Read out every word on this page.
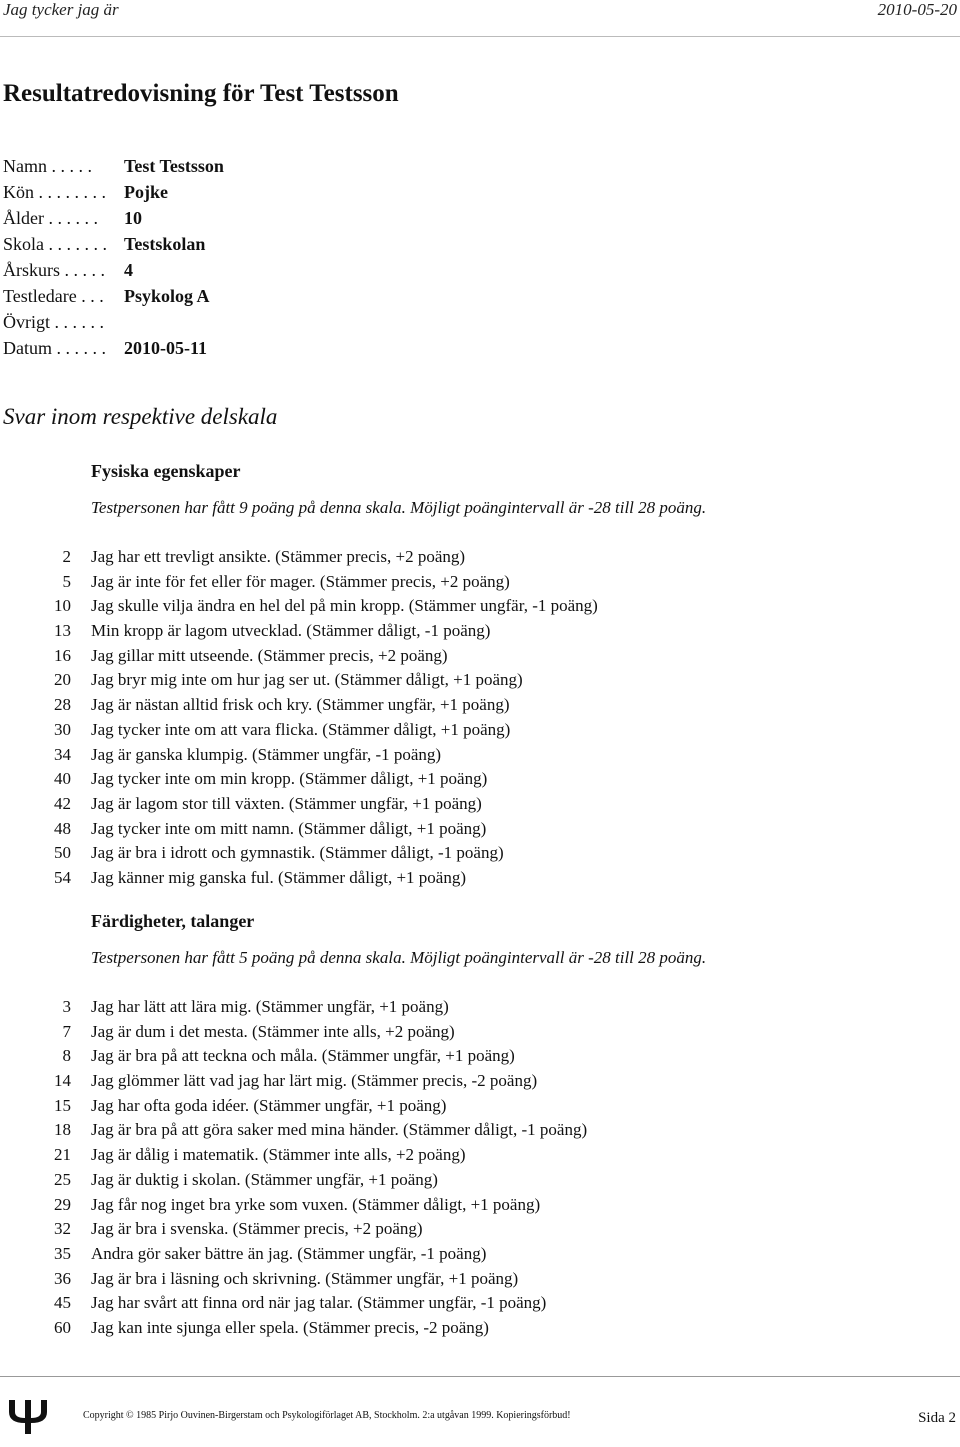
Jag tycker jag är	2010-05-20
Resultatredovisning för Test Testsson
Namn . . . . . Test Testsson
Kön . . . . . . . . Pojke
Ålder . . . . . . 10
Skola . . . . . . . Testskolan
Årskurs . . . . . 4
Testledare . . . Psykolog A
Övrigt . . . . . .
Datum . . . . . . 2010-05-11
Svar inom respektive delskala
Fysiska egenskaper
Testpersonen har fått 9 poäng på denna skala. Möjligt poängintervall är -28 till 28 poäng.
2 Jag har ett trevligt ansikte. (Stämmer precis, +2 poäng)
5 Jag är inte för fet eller för mager. (Stämmer precis, +2 poäng)
10 Jag skulle vilja ändra en hel del på min kropp. (Stämmer ungfär, -1 poäng)
13 Min kropp är lagom utvecklad. (Stämmer dåligt, -1 poäng)
16 Jag gillar mitt utseende. (Stämmer precis, +2 poäng)
20 Jag bryr mig inte om hur jag ser ut. (Stämmer dåligt, +1 poäng)
28 Jag är nästan alltid frisk och kry. (Stämmer ungfär, +1 poäng)
30 Jag tycker inte om att vara flicka. (Stämmer dåligt, +1 poäng)
34 Jag är ganska klumpig. (Stämmer ungfär, -1 poäng)
40 Jag tycker inte om min kropp. (Stämmer dåligt, +1 poäng)
42 Jag är lagom stor till växten. (Stämmer ungfär, +1 poäng)
48 Jag tycker inte om mitt namn. (Stämmer dåligt, +1 poäng)
50 Jag är bra i idrott och gymnastik. (Stämmer dåligt, -1 poäng)
54 Jag känner mig ganska ful. (Stämmer dåligt, +1 poäng)
Färdigheter, talanger
Testpersonen har fått 5 poäng på denna skala. Möjligt poängintervall är -28 till 28 poäng.
3 Jag har lätt att lära mig. (Stämmer ungfär, +1 poäng)
7 Jag är dum i det mesta. (Stämmer inte alls, +2 poäng)
8 Jag är bra på att teckna och måla. (Stämmer ungfär, +1 poäng)
14 Jag glömmer lätt vad jag har lärt mig. (Stämmer precis, -2 poäng)
15 Jag har ofta goda idéer. (Stämmer ungfär, +1 poäng)
18 Jag är bra på att göra saker med mina händer. (Stämmer dåligt, -1 poäng)
21 Jag är dålig i matematik. (Stämmer inte alls, +2 poäng)
25 Jag är duktig i skolan. (Stämmer ungfär, +1 poäng)
29 Jag får nog inget bra yrke som vuxen. (Stämmer dåligt, +1 poäng)
32 Jag är bra i svenska. (Stämmer precis, +2 poäng)
35 Andra gör saker bättre än jag. (Stämmer ungfär, -1 poäng)
36 Jag är bra i läsning och skrivning. (Stämmer ungfär, +1 poäng)
45 Jag har svårt att finna ord när jag talar. (Stämmer ungfär, -1 poäng)
60 Jag kan inte sjunga eller spela. (Stämmer precis, -2 poäng)
Copyright © 1985 Pirjo Ouvinen-Birgerstam och Psykologiförlaget AB, Stockholm. 2:a utgåvan 1999. Kopieringsförbud!	Sida 2
